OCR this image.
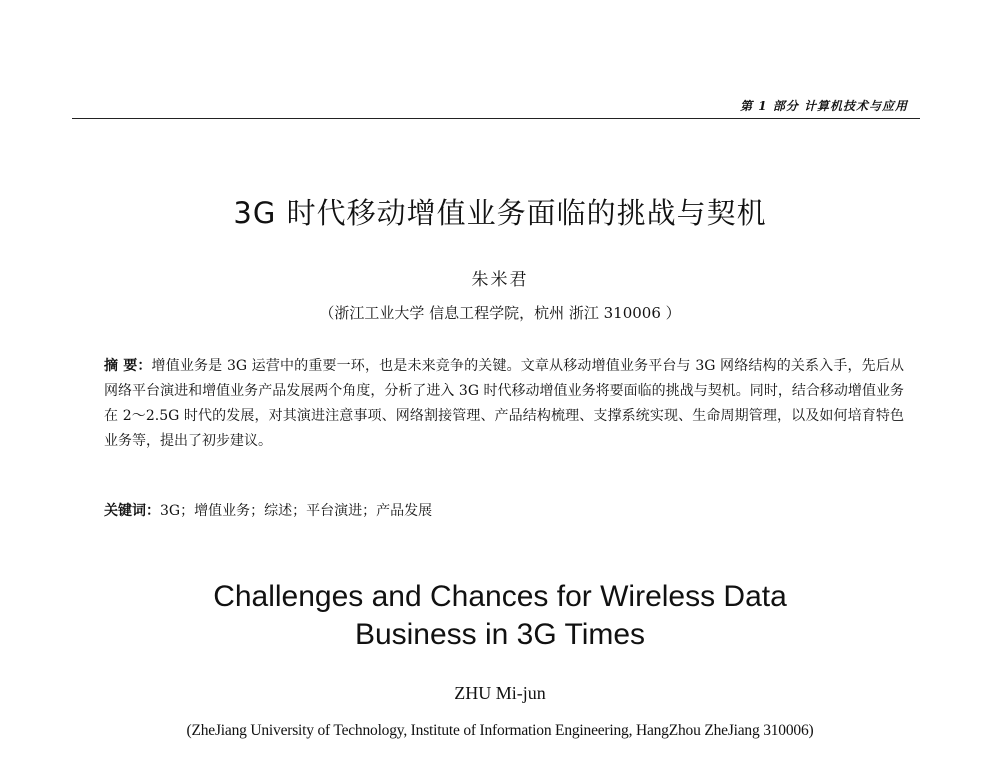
第 1 部分 计算机技术与应用
3G 时代移动增值业务面临的挑战与契机
朱米君
（浙江工业大学 信息工程学院，杭州 浙江 310006 ）
摘 要：增值业务是 3G 运营中的重要一环，也是未来竞争的关键。文章从移动增值业务平台与 3G 网络结构的关系入手，先后从网络平台演进和增值业务产品发展两个角度，分析了进入 3G 时代移动增值业务将要面临的挑战与契机。同时，结合移动增值业务在 2～2.5G 时代的发展，对其演进注意事项、网络割接管理、产品结构梳理、支撑系统实现、生命周期管理，以及如何培育特色业务等，提出了初步建议。
关键词：3G；增值业务；综述；平台演进；产品发展
Challenges and Chances for Wireless Data
Business in 3G Times
ZHU Mi-jun
(ZheJiang University of Technology, Institute of Information Engineering, HangZhou ZheJiang 310006)
